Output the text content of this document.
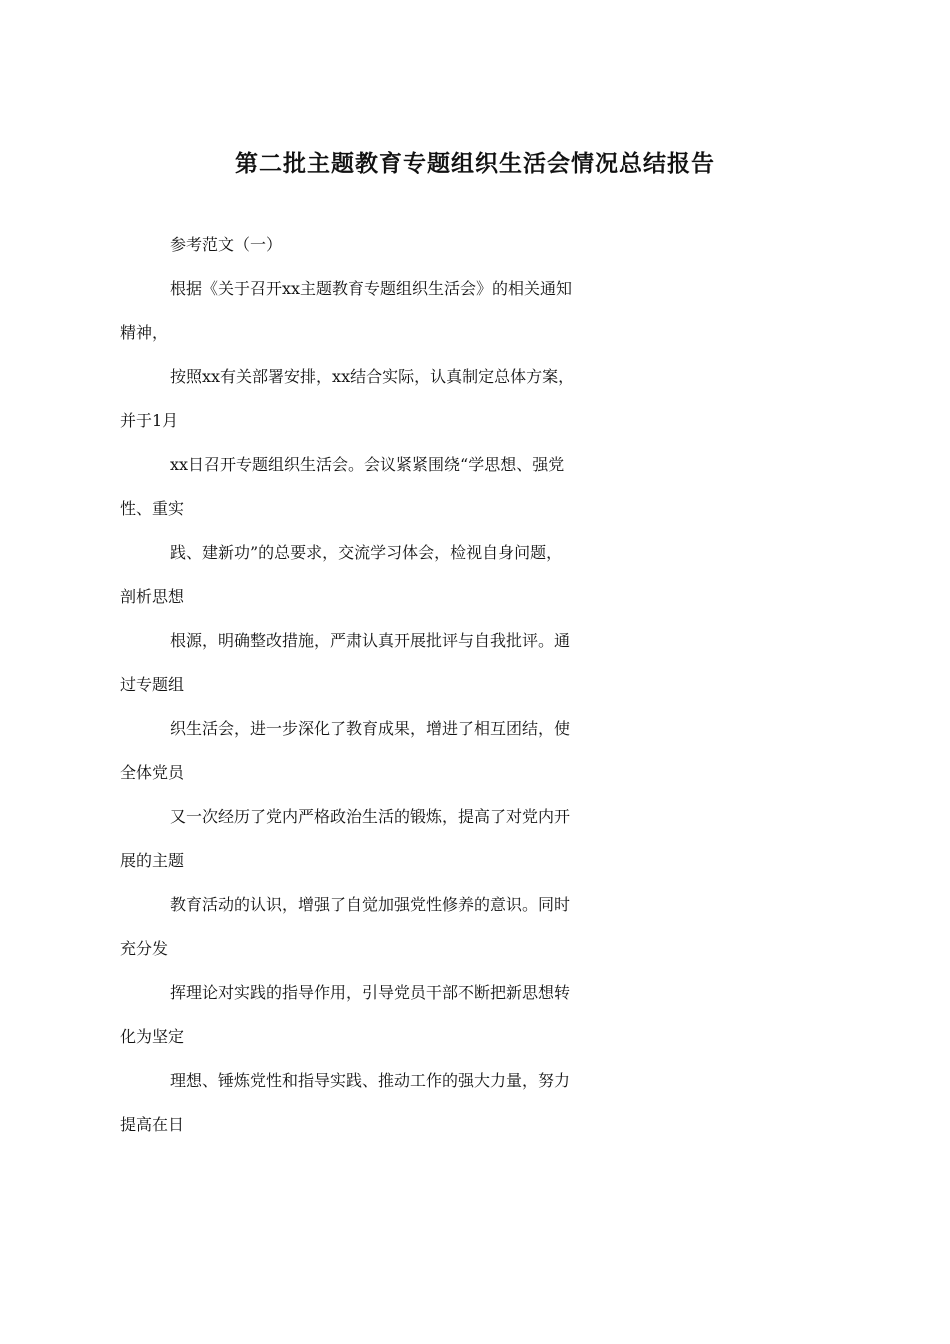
第二批主题教育专题组织生活会情况总结报告
参考范文（一）
根据《关于召开xx主题教育专题组织生活会》的相关通知
精神，
按照xx有关部署安排，xx结合实际，认真制定总体方案，
并于1月
xx日召开专题组织生活会。会议紧紧围绕“学思想、强党
性、重实
践、建新功”的总要求，交流学习体会，检视自身问题，
剖析思想
根源，明确整改措施，严肃认真开展批评与自我批评。通
过专题组
织生活会，进一步深化了教育成果，增进了相互团结，使
全体党员
又一次经历了党内严格政治生活的锻炼，提高了对党内开
展的主题
教育活动的认识，增强了自觉加强党性修养的意识。同时
充分发
挥理论对实践的指导作用，引导党员干部不断把新思想转
化为坚定
理想、锤炼党性和指导实践、推动工作的强大力量，努力
提高在日
